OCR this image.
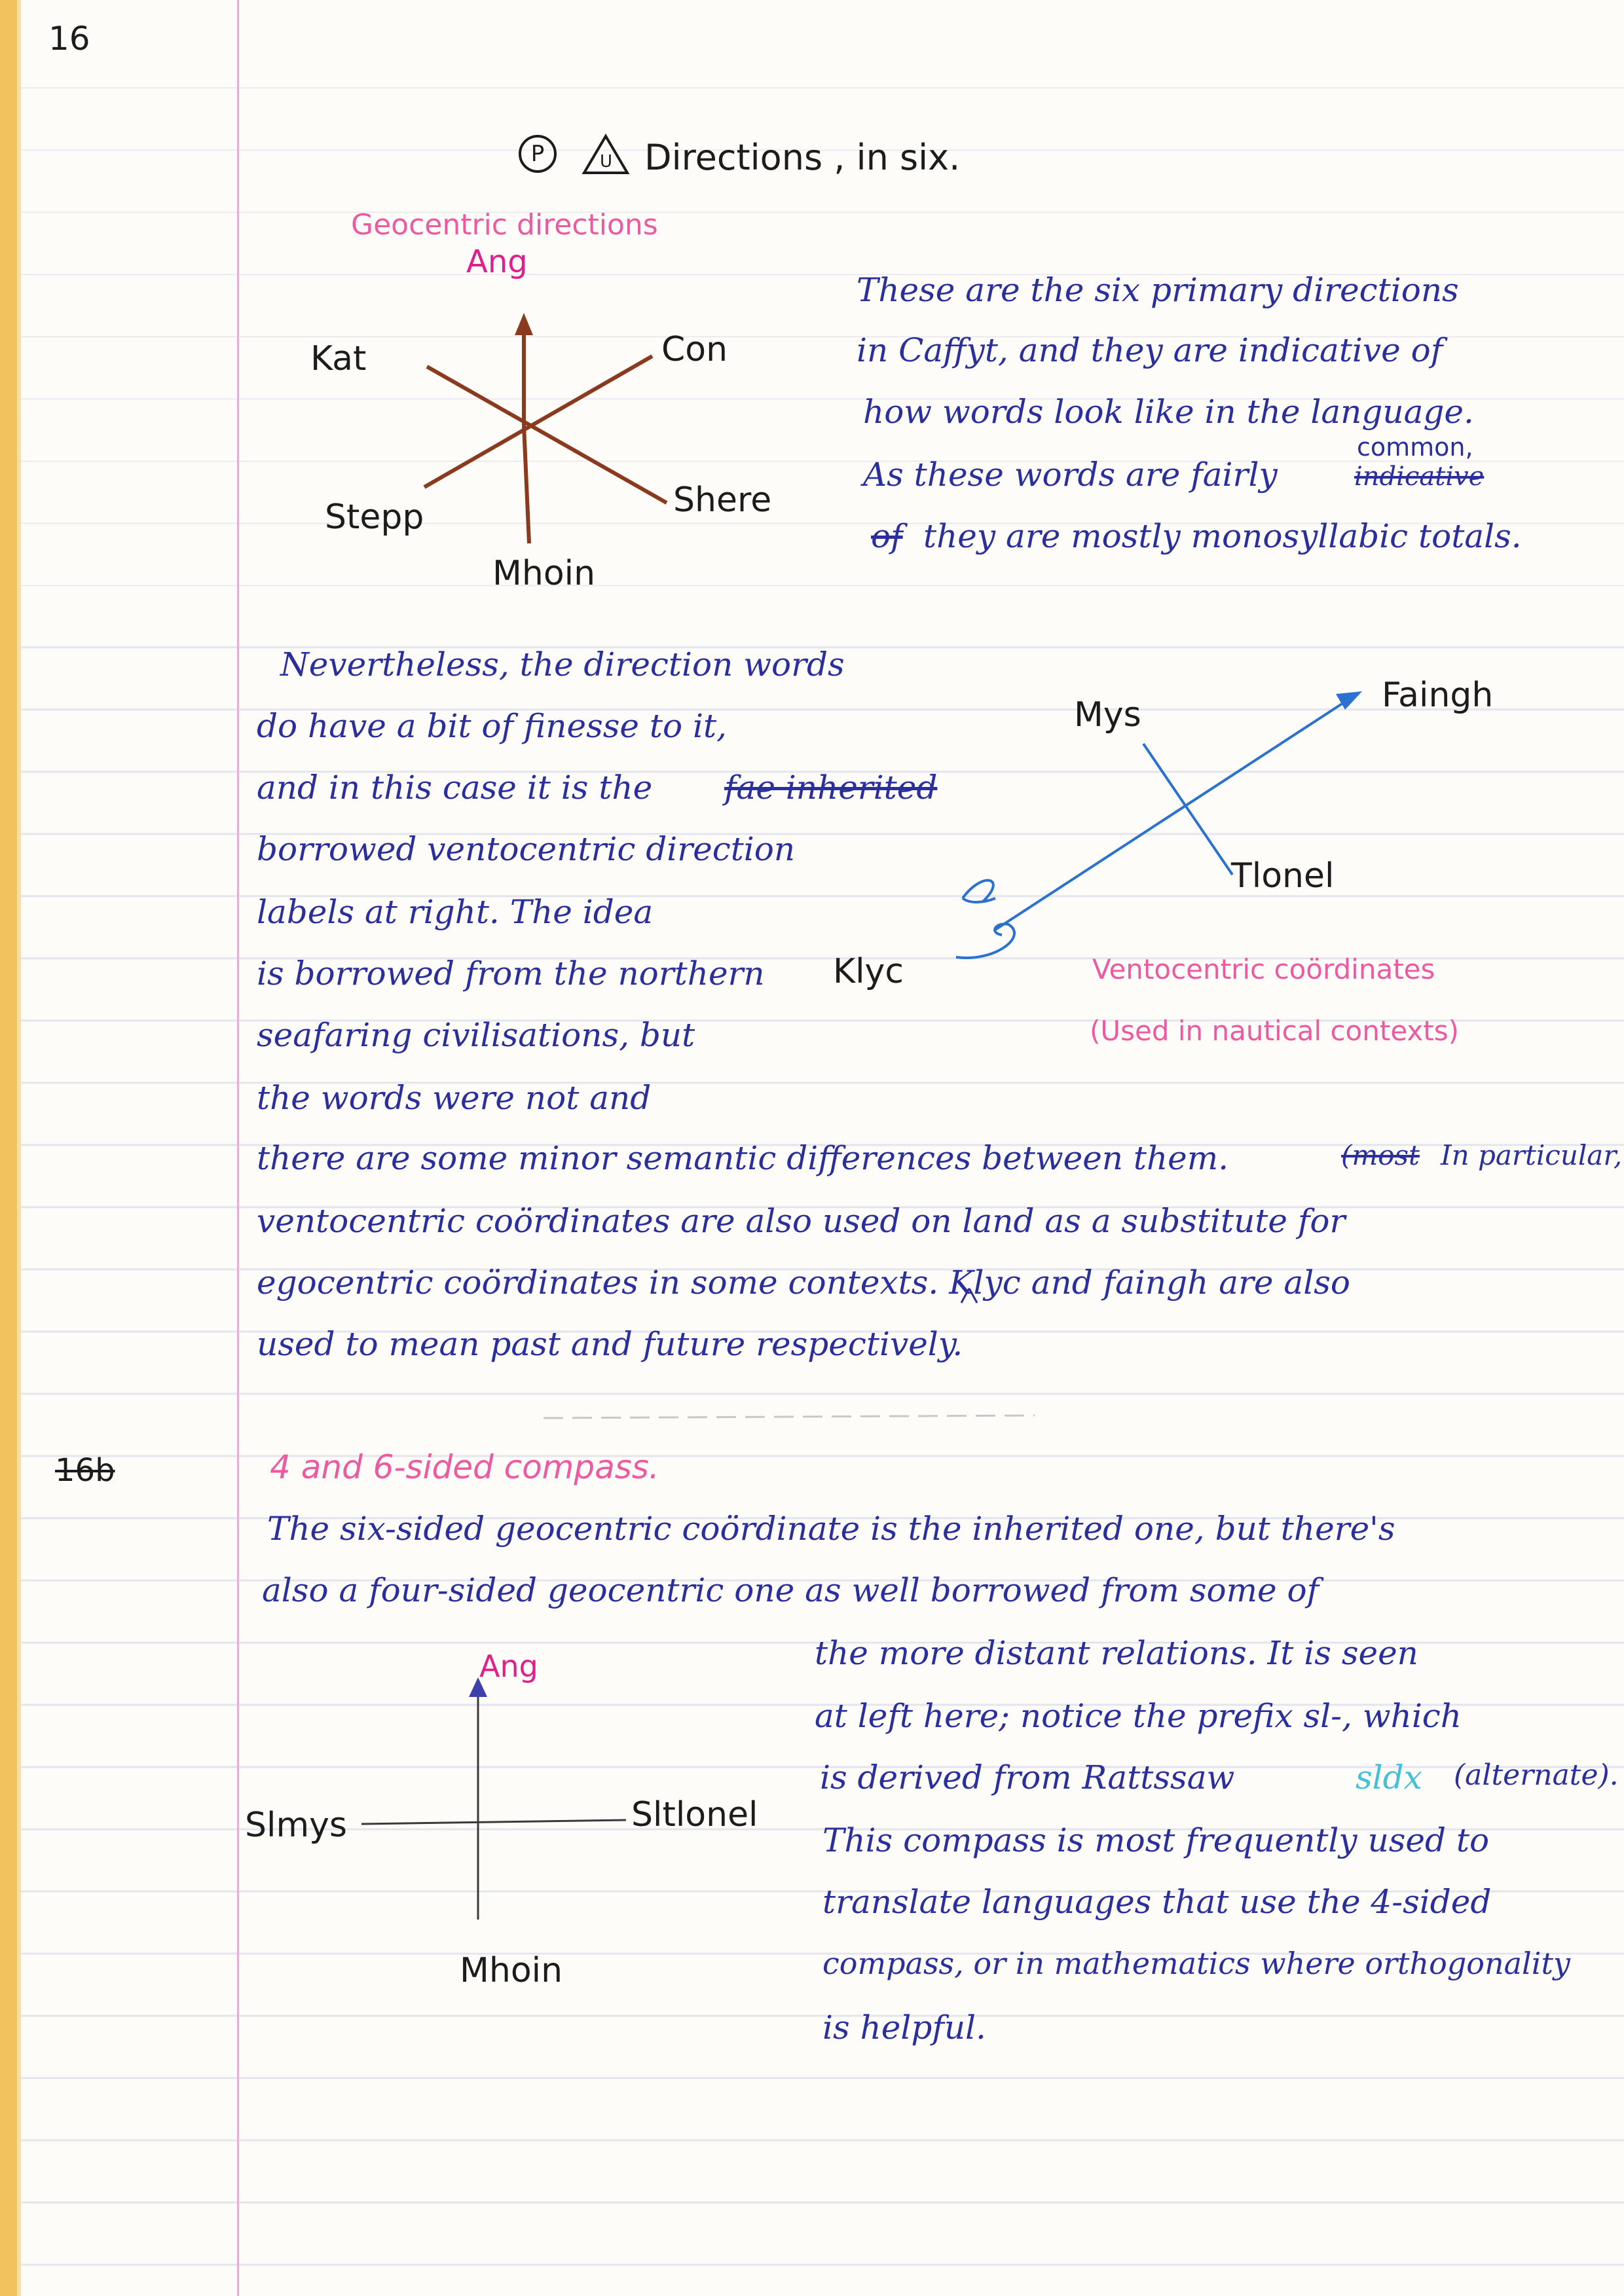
16
P	U Directions , in six.
Geocentric directions
Ang
Kat	Con
Stepp	Shere
Mhoin
These are the six primary directions
in Caffyt, and they are indicative of
how words look like in the language.
As these words are fairly
common,
indicative
of they are mostly monosyllabic totals.
Nevertheless, the direction words
do have a bit of finesse to it,
and in this case it is the fae inherited
borrowed ventocentric direction
labels at right. The idea
is borrowed from the northern
seafaring civilisations, but
the words were not and
Mys	Faingh
Tlonel
Klyc	Ventocentric coördinates
(Used in nautical contexts)
there are some minor semantic differences between them.	(most In particular,
ventocentric coördinates are also used on land as a substitute for
egocentric coördinates in some contexts. Klyc and faingh are also
used to mean past and future respectively.
16b	4 and 6-sided compass.
The six-sided geocentric coördinate is the inherited one, but there's
also a four-sided geocentric one as well borrowed from some of
Ang
Slmys	Sltlonel
Mhoin
the more distant relations. It is seen
at left here; notice the prefix sl-, which
is derived from Rattssaw	sldx (alternate).
This compass is most frequently used to
translate languages that use the 4-sided
compass, or in mathematics where orthogonality
is helpful.
